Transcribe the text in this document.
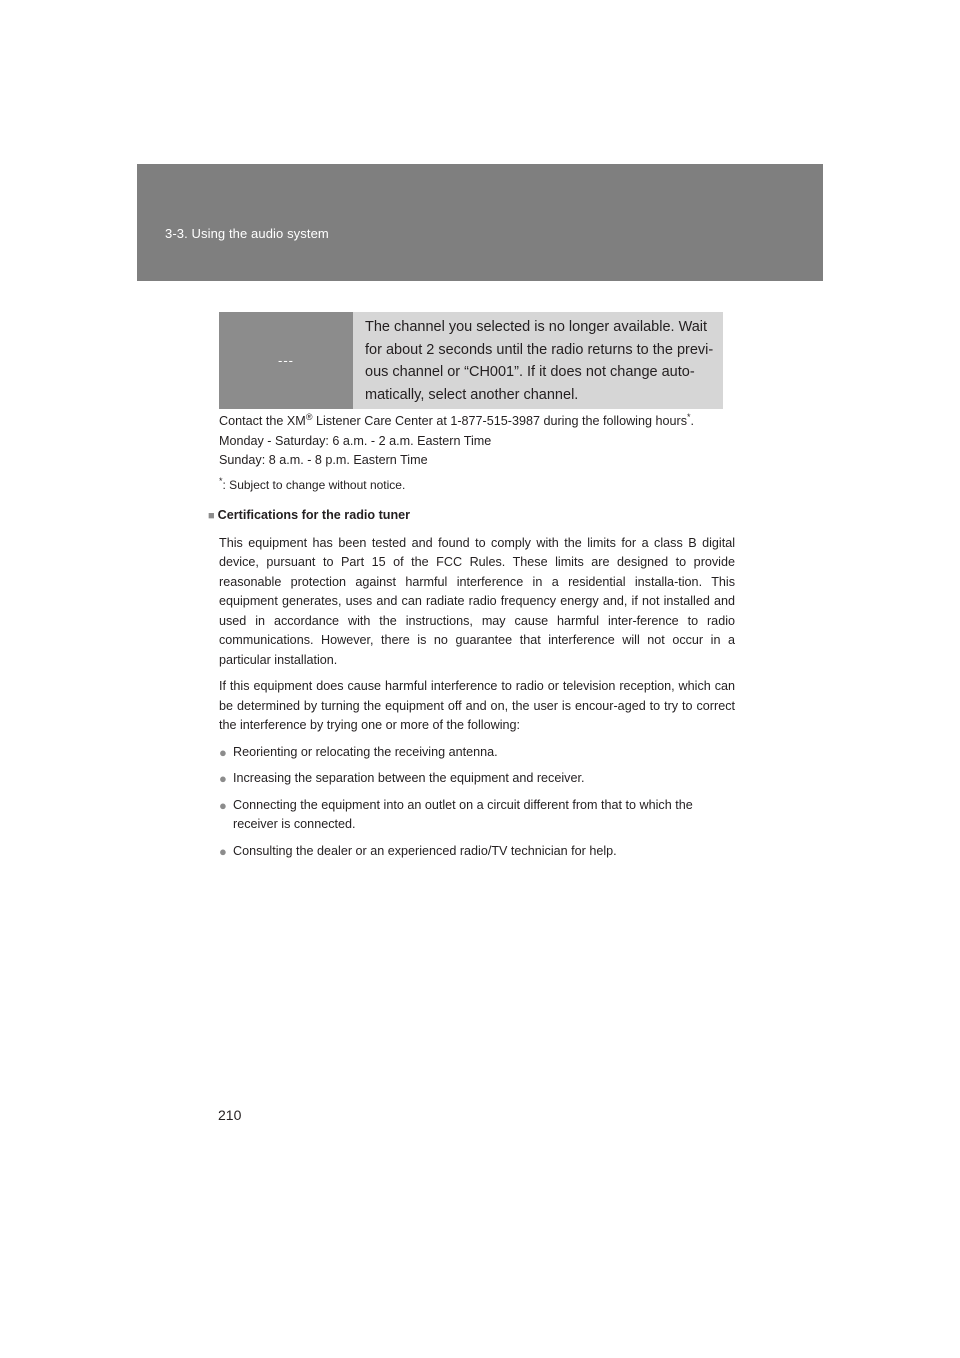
3-3. Using the audio system
---
The channel you selected is no longer available. Wait for about 2 seconds until the radio returns to the previ-ous channel or “CH001”. If it does not change auto-matically, select another channel.

Contact the XM® Listener Care Center at 1-877-515-3987 during the following hours*.

Monday - Saturday: 6 a.m. - 2 a.m. Eastern Time

Sunday: 8 a.m. - 8 p.m. Eastern Time

*: Subject to change without notice.

■ Certifications for the radio tuner

This equipment has been tested and found to comply with the limits for a class B digital device, pursuant to Part 15 of the FCC Rules. These limits are designed to provide reasonable protection against harmful interference in a residential installa-tion. This equipment generates, uses and can radiate radio frequency energy and, if not installed and used in accordance with the instructions, may cause harmful inter-ference to radio communications. However, there is no guarantee that interference will not occur in a particular installation.

If this equipment does cause harmful interference to radio or television reception, which can be determined by turning the equipment off and on, the user is encour-aged to try to correct the interference by trying one or more of the following:

● Reorienting or relocating the receiving antenna.
● Increasing the separation between the equipment and receiver.
● Connecting the equipment into an outlet on a circuit different from that to which the receiver is connected.
● Consulting the dealer or an experienced radio/TV technician for help.
210
